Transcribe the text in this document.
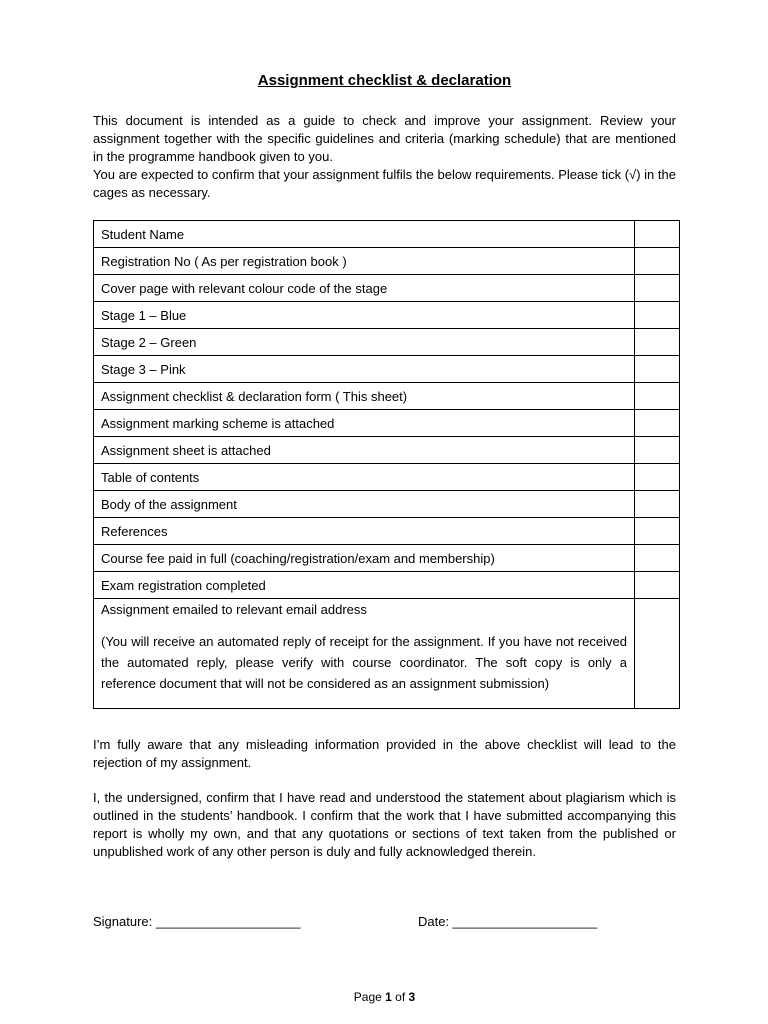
Assignment checklist & declaration

This document is intended as a guide to check and improve your assignment. Review your assignment together with the specific guidelines and criteria (marking schedule) that are mentioned in the programme handbook given to you.

You are expected to confirm that your assignment fulfils the below requirements. Please tick (√) in the cages as necessary.

Student Name	
Registration No ( As per registration book )	
Cover page with relevant colour code of the stage	
Stage 1 – Blue	
Stage 2 – Green	
Stage 3 – Pink	
Assignment checklist & declaration form ( This sheet)	
Assignment marking scheme is attached	
Assignment sheet is attached	
Table of contents	
Body of the assignment	
References	
Course fee paid in full (coaching/registration/exam and membership)	
Exam registration completed	

Assignment emailed to relevant email address
(You will receive an automated reply of receipt for the assignment. If you have not received the automated reply, please verify with course coordinator. The soft copy is only a reference document that will not be considered as an assignment submission)	

I’m fully aware that any misleading information provided in the above checklist will lead to the rejection of my assignment.

I, the undersigned, confirm that I have read and understood the statement about plagiarism which is outlined in the students’ handbook. I confirm that the work that I have submitted accompanying this report is wholly my own, and that any quotations or sections of text taken from the published or unpublished work of any other person is duly and fully acknowledged therein.

Signature: ____________________	Date: ____________________
Page 1 of 3
